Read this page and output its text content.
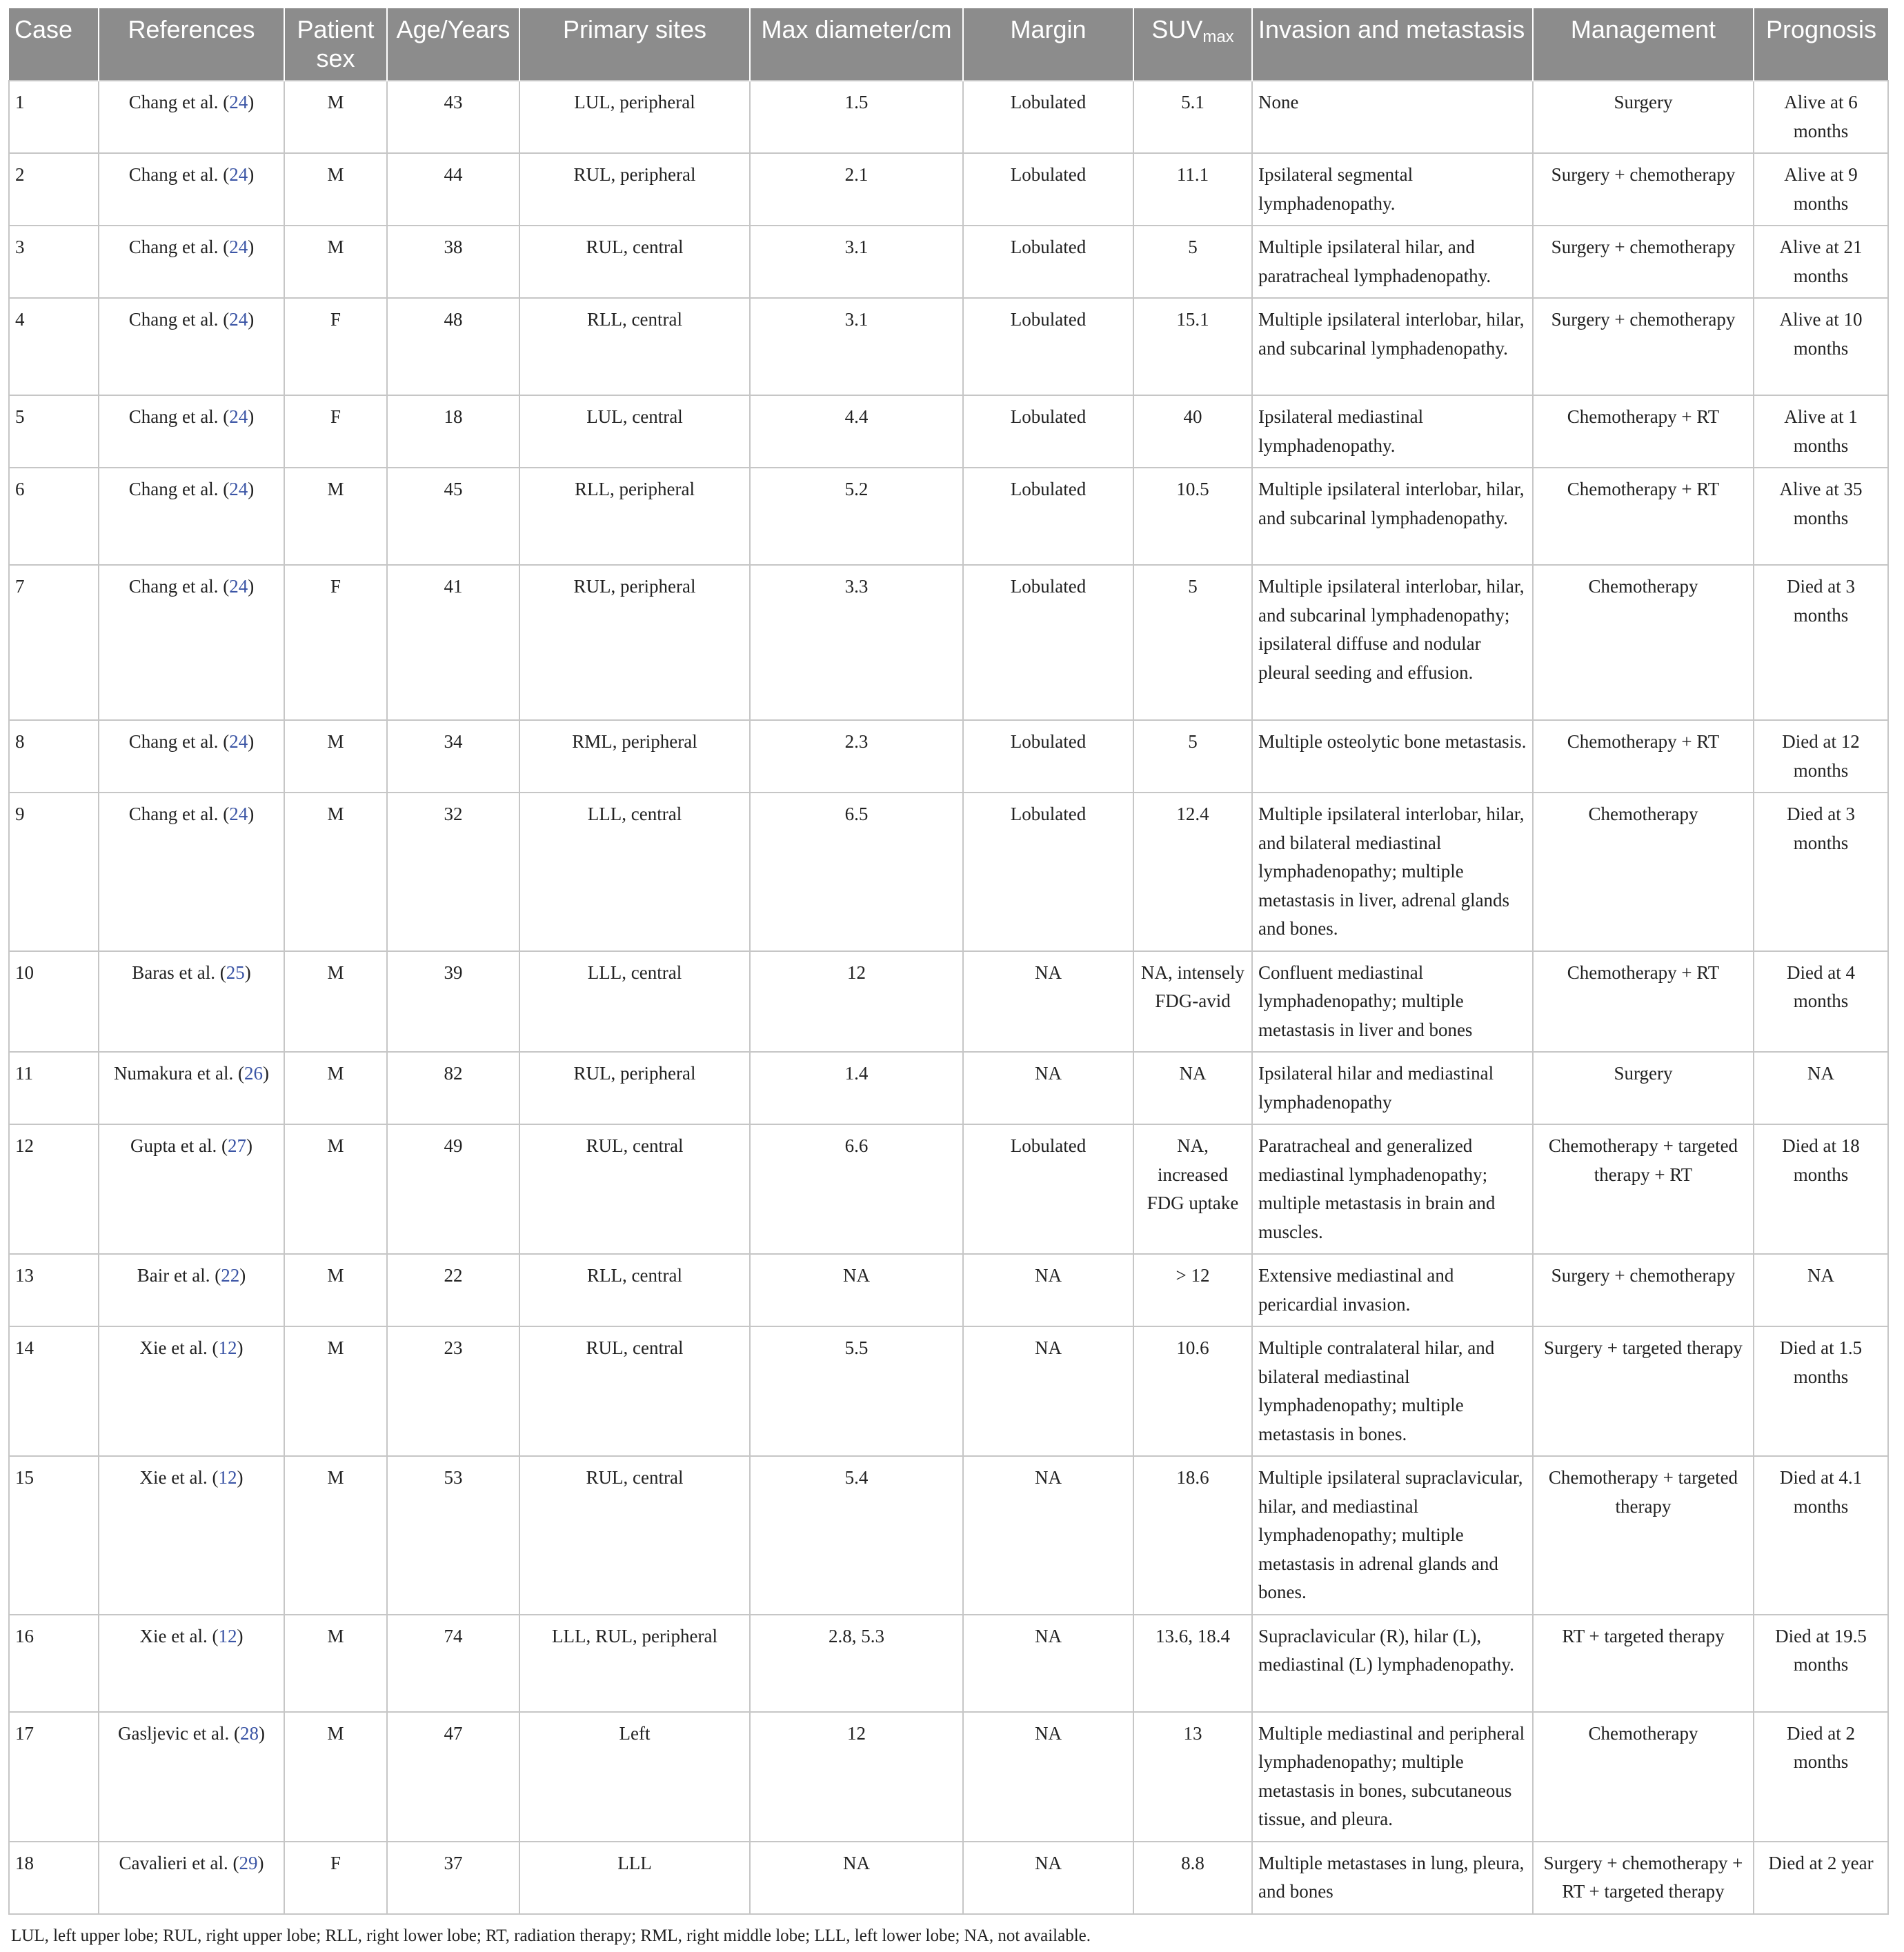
Case	References	Patient sex	Age/Years	Primary sites	Max diameter/cm	Margin	$SUV_{max}$	Invasion and metastasis	Management	Prognosis
1	Chang et al. (24)	M	43	LUL, peripheral	1.5	Lobulated	5.1	None	Surgery	Alive at 6 months
2	Chang et al. (24)	M	44	RUL, peripheral	2.1	Lobulated	11.1	Ipsilateral segmental lymphadenopathy.	Surgery + chemotherapy	Alive at 9 months
3	Chang et al. (24)	M	38	RUL, central	3.1	Lobulated	5	Multiple ipsilateral hilar, and paratracheal lymphadenopathy.	Surgery + chemotherapy	Alive at 21 months
4	Chang et al. (24)	F	48	RLL, central	3.1	Lobulated	15.1	Multiple ipsilateral interlobar, hilar, and subcarinal lymphadenopathy.	Surgery + chemotherapy	Alive at 10 months
5	Chang et al. (24)	F	18	LUL, central	4.4	Lobulated	40	Ipsilateral mediastinal lymphadenopathy.	Chemotherapy + RT	Alive at 1 months
6	Chang et al. (24)	M	45	RLL, peripheral	5.2	Lobulated	10.5	Multiple ipsilateral interlobar, hilar, and subcarinal lymphadenopathy.	Chemotherapy + RT	Alive at 35 months
7	Chang et al. (24)	F	41	RUL, peripheral	3.3	Lobulated	5	Multiple ipsilateral interlobar, hilar, and subcarinal lymphadenopathy; ipsilateral diffuse and nodular pleural seeding and effusion.	Chemotherapy	Died at 3 months
8	Chang et al. (24)	M	34	RML, peripheral	2.3	Lobulated	5	Multiple osteolytic bone metastasis.	Chemotherapy + RT	Died at 12 months
9	Chang et al. (24)	M	32	LLL, central	6.5	Lobulated	12.4	Multiple ipsilateral interlobar, hilar, and bilateral mediastinal lymphadenopathy; multiple metastasis in liver, adrenal glands and bones.	Chemotherapy	Died at 3 months
10	Baras et al. (25)	M	39	LLL, central	12	NA	NA, intensely FDG-avid	Confluent mediastinal lymphadenopathy; multiple metastasis in liver and bones	Chemotherapy + RT	Died at 4 months
11	Numakura et al. (26)	M	82	RUL, peripheral	1.4	NA	NA	Ipsilateral hilar and mediastinal lymphadenopathy	Surgery	NA
12	Gupta et al. (27)	M	49	RUL, central	6.6	Lobulated	NA, increased FDG uptake	Paratracheal and generalized mediastinal lymphadenopathy; multiple metastasis in brain and muscles.	Chemotherapy + targeted therapy + RT	Died at 18 months
13	Bair et al. (22)	M	22	RLL, central	NA	NA	> 12	Extensive mediastinal and pericardial invasion.	Surgery + chemotherapy	NA
14	Xie et al. (12)	M	23	RUL, central	5.5	NA	10.6	Multiple contralateral hilar, and bilateral mediastinal lymphadenopathy; multiple metastasis in bones.	Surgery + targeted therapy	Died at 1.5 months
15	Xie et al. (12)	M	53	RUL, central	5.4	NA	18.6	Multiple ipsilateral supraclavicular, hilar, and mediastinal lymphadenopathy; multiple metastasis in adrenal glands and bones.	Chemotherapy + targeted therapy	Died at 4.1 months
16	Xie et al. (12)	M	74	LLL, RUL, peripheral	2.8, 5.3	NA	13.6, 18.4	Supraclavicular (R), hilar (L), mediastinal (L) lymphadenopathy.	RT + targeted therapy	Died at 19.5 months
17	Gasljevic et al. (28)	M	47	Left	12	NA	13	Multiple mediastinal and peripheral lymphadenopathy; multiple metastasis in bones, subcutaneous tissue, and pleura.	Chemotherapy	Died at 2 months
18	Cavalieri et al. (29)	F	37	LLL	NA	NA	8.8	Multiple metastases in lung, pleura, and bones	Surgery + chemotherapy + RT + targeted therapy	Died at 2 year
LUL, left upper lobe; RUL, right upper lobe; RLL, right lower lobe; RT, radiation therapy; RML, right middle lobe; LLL, left lower lobe; NA, not available.
